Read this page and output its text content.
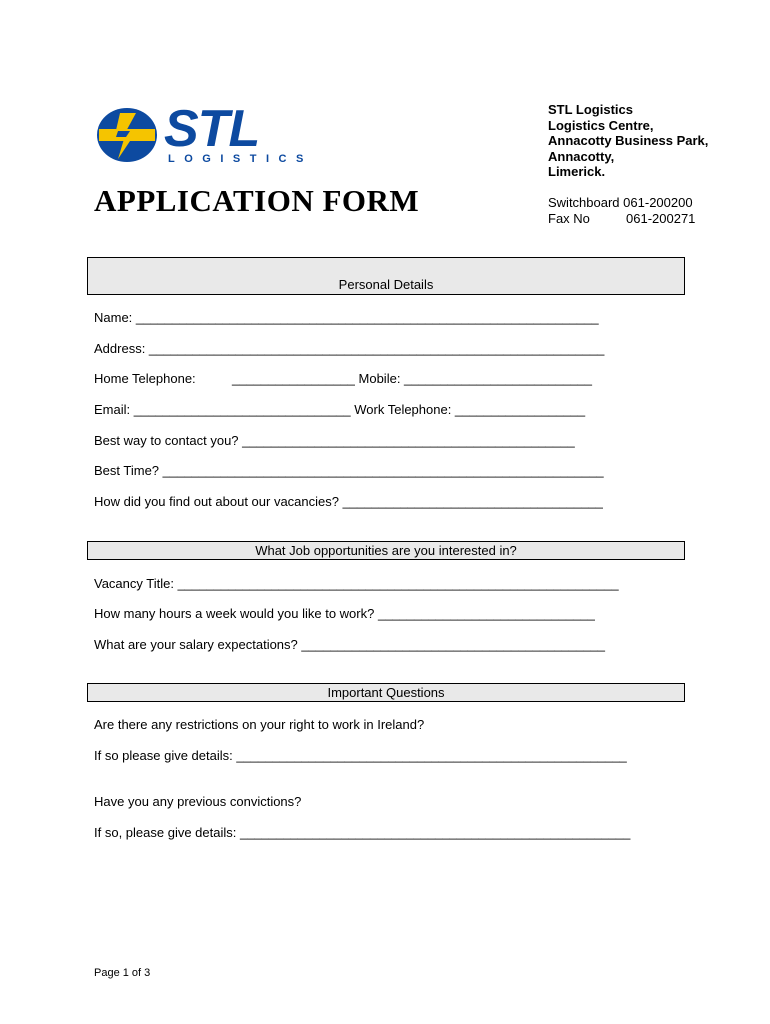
STL
LOGISTICS
STL Logistics
Logistics Centre,
Annacotty Business Park,
Annacotty,
Limerick.
Switchboard 061-200200
Fax No	061-200271
APPLICATION FORM
Personal Details
Name: ________________________________________________________________
Address: _______________________________________________________________
Home Telephone:	_________________ Mobile: __________________________
Email: ______________________________ Work Telephone: __________________
Best way to contact you? ______________________________________________
Best Time? _____________________________________________________________
How did you find out about our vacancies? ____________________________________
What Job opportunities are you interested in?
Vacancy Title: _____________________________________________________________
How many hours a week would you like to work? ______________________________
What are your salary expectations? __________________________________________
Important Questions
Are there any restrictions on your right to work in Ireland?
If so please give details: ______________________________________________________
Have you any previous convictions?
If so, please give details: ______________________________________________________
Page 1 of 3
